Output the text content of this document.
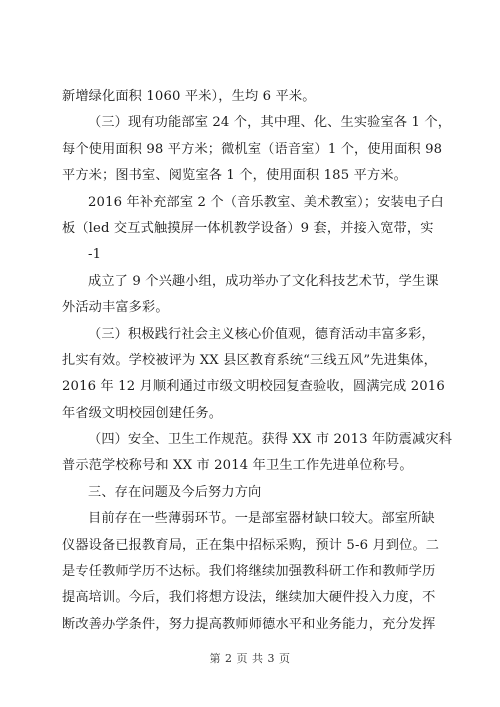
新增绿化面积 1060 平米），生均 6 平米。
（三）现有功能部室 24 个，其中理、化、生实验室各 1 个，
每个使用面积 98 平方米；微机室（语音室）1 个，使用面积 98
平方米；图书室、阅览室各 1 个，使用面积 185 平方米。
2016 年补充部室 2 个（音乐教室、美术教室）；安装电子白
板（led 交互式触摸屏一体机教学设备）9 套，并接入宽带，实
-1
成立了 9 个兴趣小组，成功举办了文化科技艺术节，学生课
外活动丰富多彩。
（三）积极践行社会主义核心价值观，德育活动丰富多彩，
扎实有效。学校被评为 XX 县区教育系统“三线五风”先进集体，
2016 年 12 月顺利通过市级文明校园复查验收，圆满完成 2016
年省级文明校园创建任务。
（四）安全、卫生工作规范。获得 XX 市 2013 年防震减灾科
普示范学校称号和 XX 市 2014 年卫生工作先进单位称号。
三、存在问题及今后努力方向
目前存在一些薄弱环节。一是部室器材缺口较大。部室所缺
仪器设备已报教育局，正在集中招标采购，预计 5-6 月到位。二
是专任教师学历不达标。我们将继续加强教科研工作和教师学历
提高培训。今后，我们将想方设法，继续加大硬件投入力度，不
断改善办学条件，努力提高教师师德水平和业务能力，充分发挥
第 2 页 共 3 页
